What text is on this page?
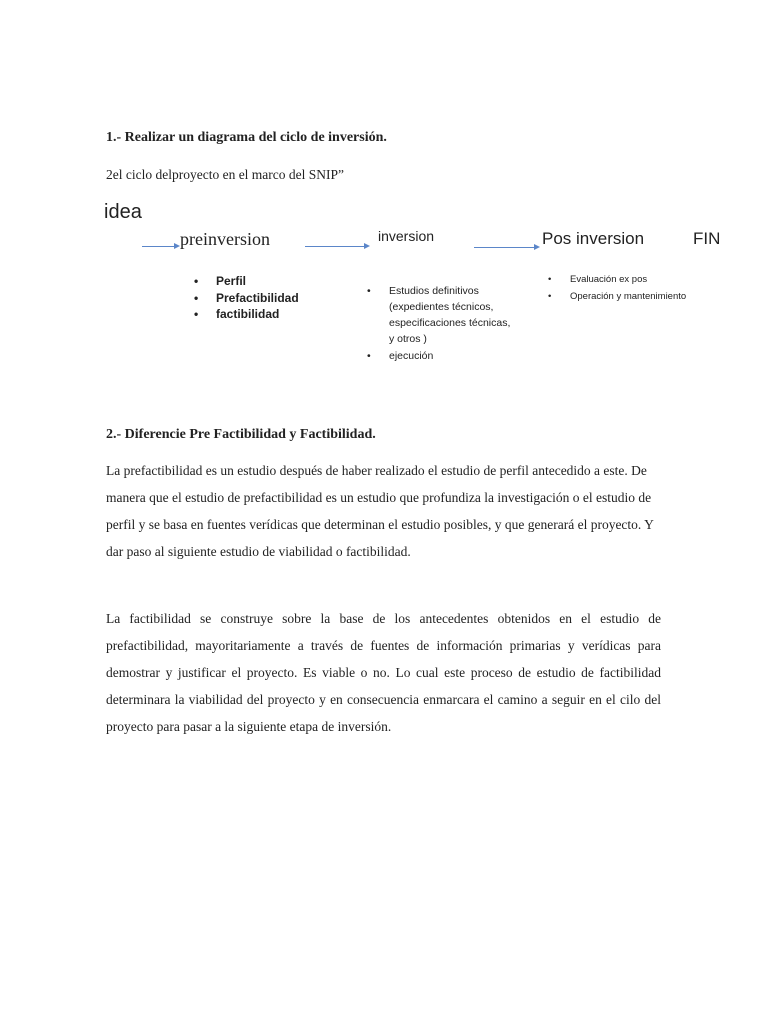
1.- Realizar un diagrama del ciclo de inversión.
2el ciclo delproyecto en el marco del SNIP”
idea
preinversion	inversion	Pos inversion	FIN
• Perfil
• Prefactibilidad
• factibilidad
• Estudios definitivos (expedientes técnicos, especificaciones técnicas, y otros )
• ejecución
• Evaluación ex pos
• Operación y mantenimiento
2.- Diferencie Pre Factibilidad y Factibilidad.
La prefactibilidad es un estudio después de haber realizado el estudio de perfil antecedido a este. De manera que el estudio de prefactibilidad es un estudio que profundiza la investigación o el estudio de perfil y se basa en fuentes verídicas que determinan el estudio posibles, y que generará el proyecto. Y dar paso al siguiente estudio de viabilidad o factibilidad.
La factibilidad se construye sobre la base de los antecedentes obtenidos en el estudio de prefactibilidad, mayoritariamente a través de fuentes de información primarias y verídicas para demostrar y justificar el proyecto. Es viable o no. Lo cual este proceso de estudio de factibilidad determinara la viabilidad del proyecto y en consecuencia enmarcara el camino a seguir en el cilo del proyecto para pasar a la siguiente etapa de inversión.
